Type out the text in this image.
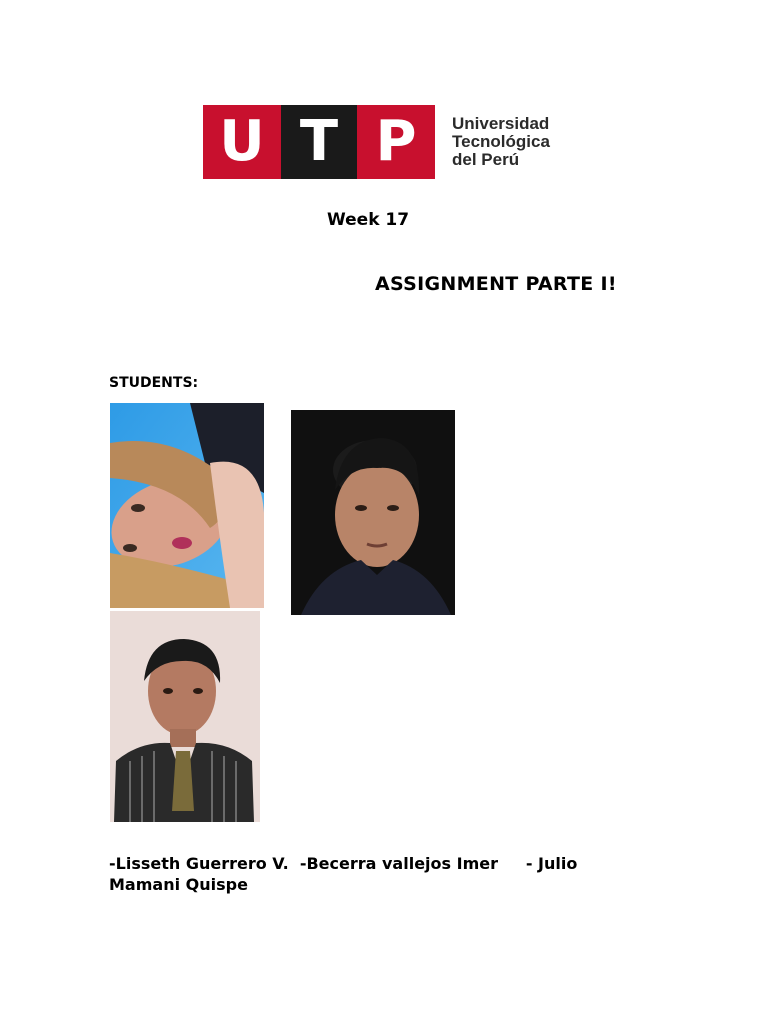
U T P Universidad
Tecnológica
del Perú
Week 17
ASSIGNMENT PARTE I!
STUDENTS:
-Lisseth Guerrero V.  -Becerra vallejos Imer     - Julio Mamani Quispe
